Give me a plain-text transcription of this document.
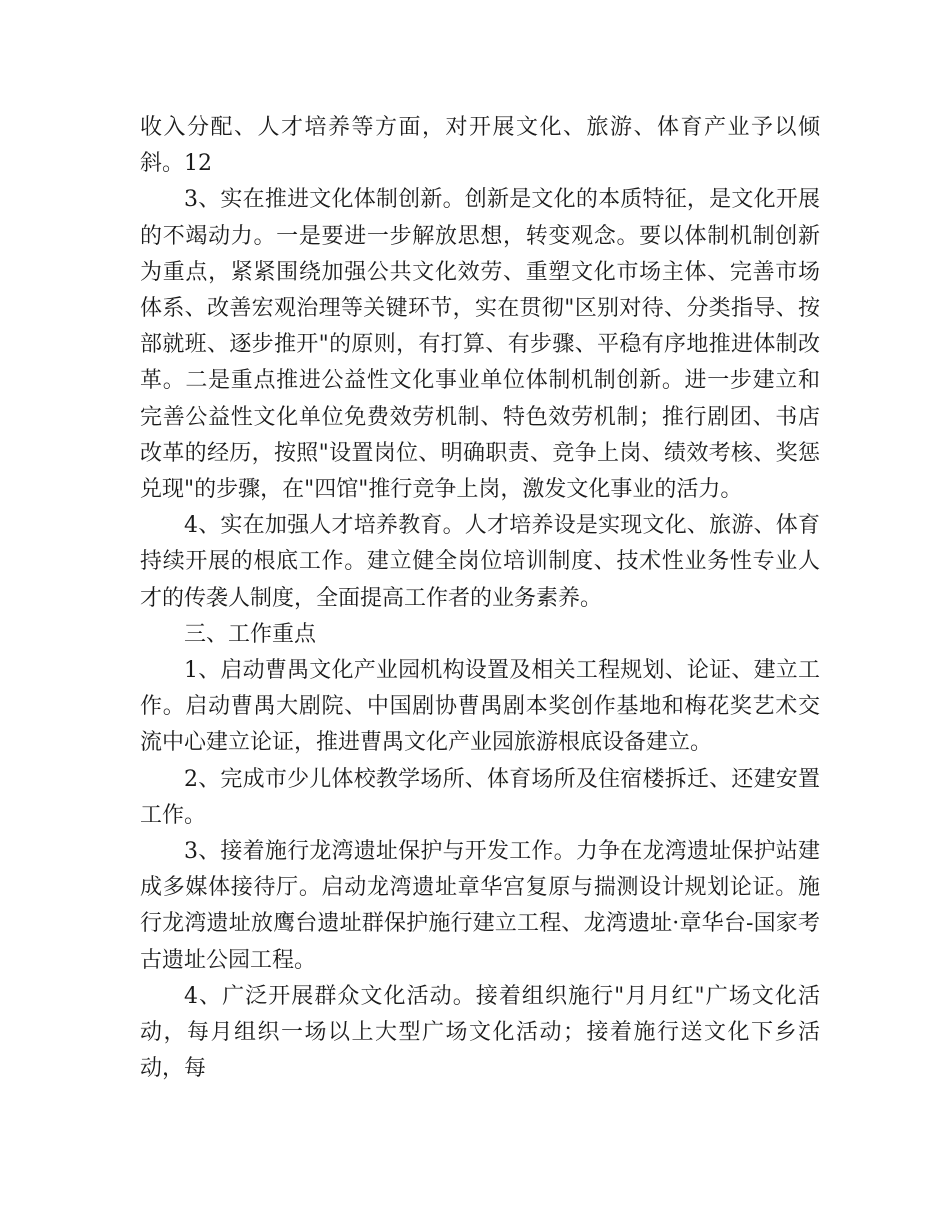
收入分配、人才培养等方面，对开展文化、旅游、体育产业予以倾斜。12

3、实在推进文化体制创新。创新是文化的本质特征，是文化开展的不竭动力。一是要进一步解放思想，转变观念。要以体制机制创新为重点，紧紧围绕加强公共文化效劳、重塑文化市场主体、完善市场体系、改善宏观治理等关键环节，实在贯彻"区别对待、分类指导、按部就班、逐步推开"的原则，有打算、有步骤、平稳有序地推进体制改革。二是重点推进公益性文化事业单位体制机制创新。进一步建立和完善公益性文化单位免费效劳机制、特色效劳机制；推行剧团、书店改革的经历，按照"设置岗位、明确职责、竞争上岗、绩效考核、奖惩兑现"的步骤，在"四馆"推行竞争上岗，激发文化事业的活力。

4、实在加强人才培养教育。人才培养设是实现文化、旅游、体育持续开展的根底工作。建立健全岗位培训制度、技术性业务性专业人才的传袭人制度，全面提高工作者的业务素养。

三、工作重点

1、启动曹禺文化产业园机构设置及相关工程规划、论证、建立工作。启动曹禺大剧院、中国剧协曹禺剧本奖创作基地和梅花奖艺术交流中心建立论证，推进曹禺文化产业园旅游根底设备建立。

2、完成市少儿体校教学场所、体育场所及住宿楼拆迁、还建安置工作。

3、接着施行龙湾遗址保护与开发工作。力争在龙湾遗址保护站建成多媒体接待厅。启动龙湾遗址章华宫复原与揣测设计规划论证。施行龙湾遗址放鹰台遗址群保护施行建立工程、龙湾遗址·章华台-国家考古遗址公园工程。

4、广泛开展群众文化活动。接着组织施行"月月红"广场文化活动，每月组织一场以上大型广场文化活动；接着施行送文化下乡活动，每
